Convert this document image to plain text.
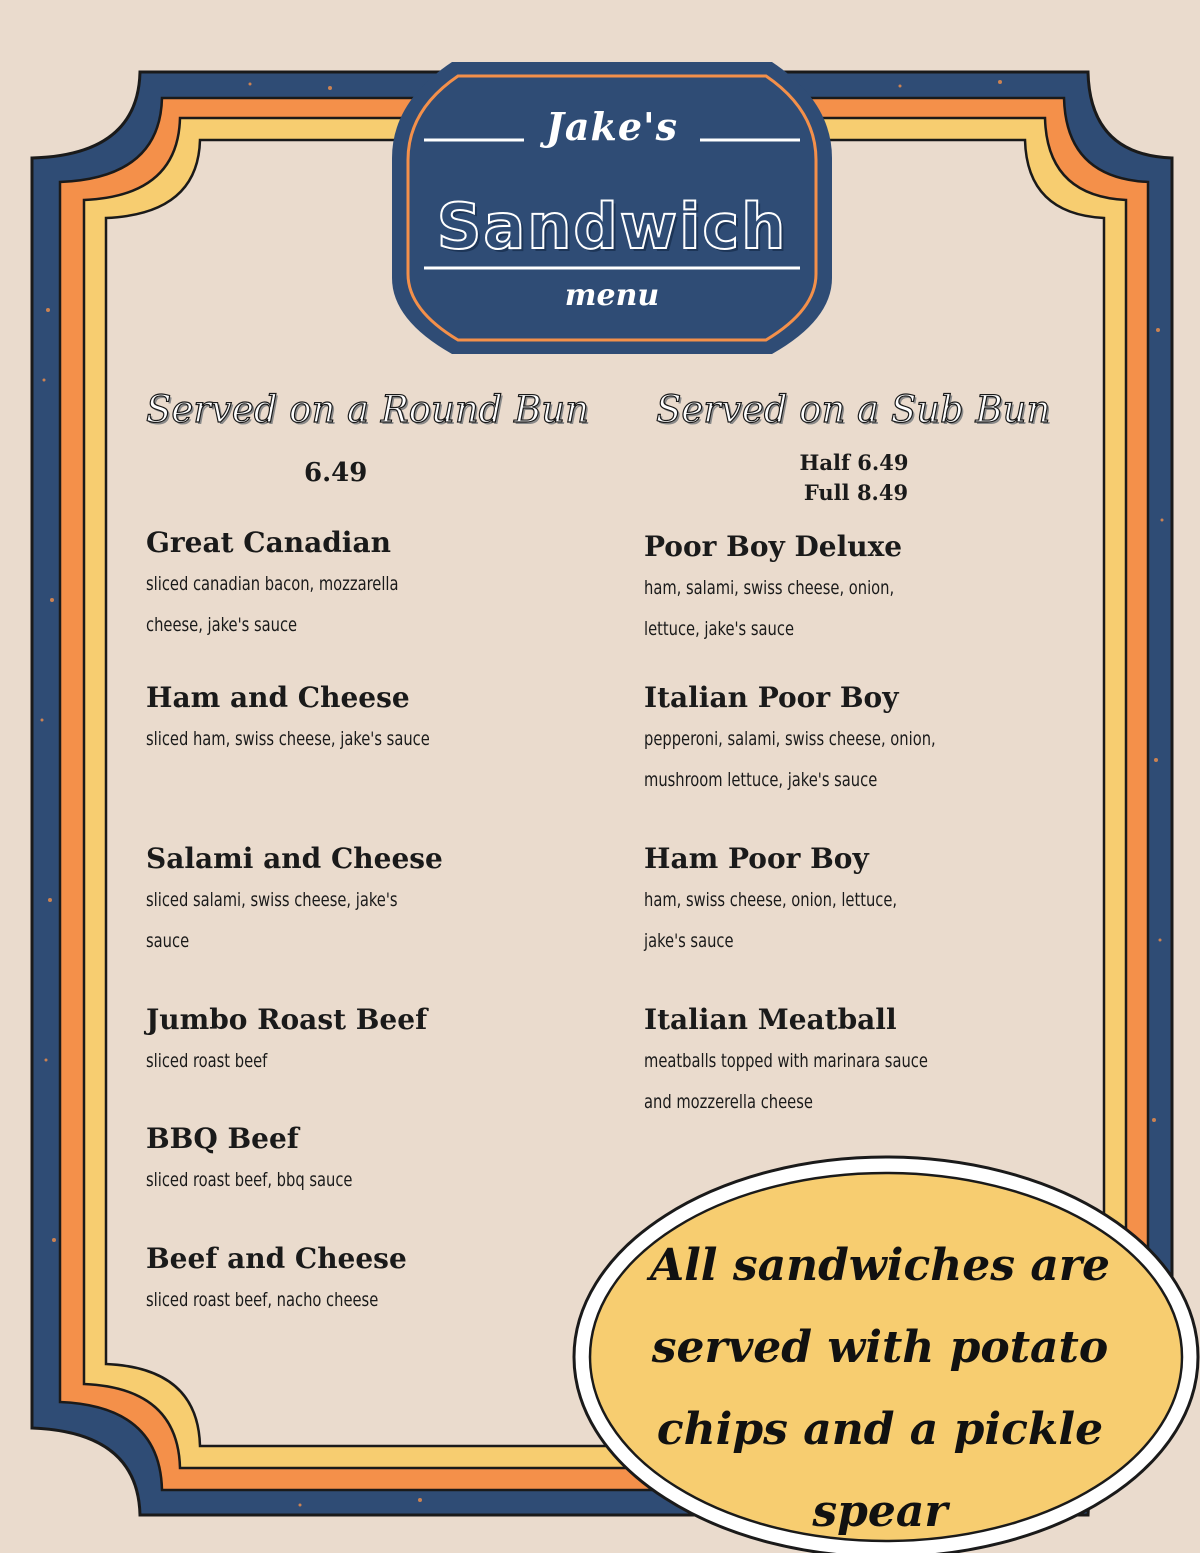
Jake's
Sandwich
menu
Served on a Round Bun
6.49
Great Canadian
sliced canadian bacon, mozzarella cheese, jake's sauce
Ham and Cheese
sliced ham, swiss cheese, jake's sauce
Salami and Cheese
sliced salami, swiss cheese, jake's sauce
Jumbo Roast Beef
sliced roast beef
BBQ Beef
sliced roast beef, bbq sauce
Beef and Cheese
sliced roast beef, nacho cheese
Served on a Sub Bun
Half 6.49
Full 8.49
Poor Boy Deluxe
ham, salami, swiss cheese, onion, lettuce, jake's sauce
Italian Poor Boy
pepperoni, salami, swiss cheese, onion, mushroom lettuce, jake's sauce
Ham Poor Boy
ham, swiss cheese, onion, lettuce, jake's sauce
Italian Meatball
meatballs topped with marinara sauce and mozzerella cheese
All sandwiches are served with potato chips and a pickle spear
